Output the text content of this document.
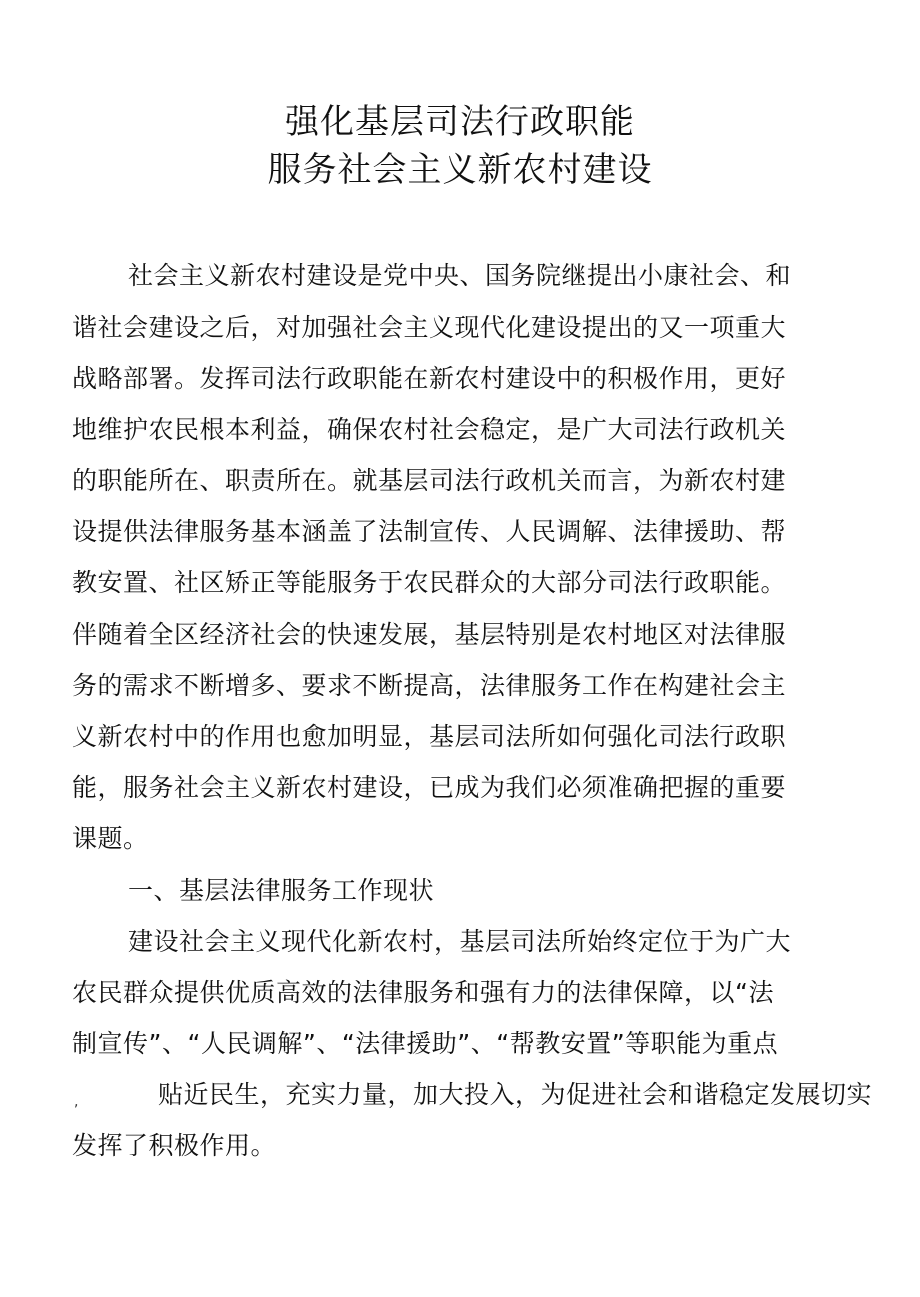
强化基层司法行政职能
服务社会主义新农村建设
社会主义新农村建设是党中央、国务院继提出小康社会、和
谐社会建设之后，对加强社会主义现代化建设提出的又一项重大
战略部署。发挥司法行政职能在新农村建设中的积极作用，更好
地维护农民根本利益，确保农村社会稳定，是广大司法行政机关
的职能所在、职责所在。就基层司法行政机关而言，为新农村建
设提供法律服务基本涵盖了法制宣传、人民调解、法律援助、帮
教安置、社区矫正等能服务于农民群众的大部分司法行政职能。
伴随着全区经济社会的快速发展，基层特别是农村地区对法律服
务的需求不断增多、要求不断提高，法律服务工作在构建社会主
义新农村中的作用也愈加明显，基层司法所如何强化司法行政职
能，服务社会主义新农村建设，已成为我们必须准确把握的重要
课题。
一、基层法律服务工作现状
建设社会主义现代化新农村，基层司法所始终定位于为广大
农民群众提供优质高效的法律服务和强有力的法律保障，以“法
制宣传”、“人民调解”、“法律援助”、“帮教安置”等职能为重点
,	贴近民生，充实力量，加大投入，为促进社会和谐稳定发展切实
发挥了积极作用。
